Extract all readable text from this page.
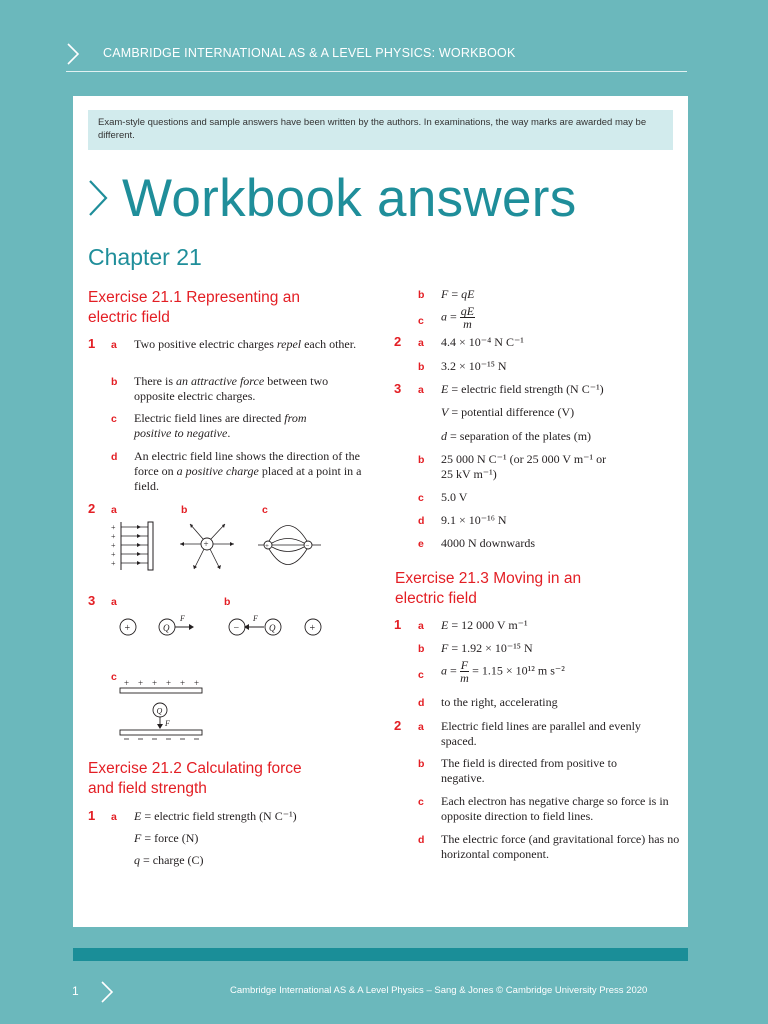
CAMBRIDGE INTERNATIONAL AS & A LEVEL PHYSICS: WORKBOOK
Exam-style questions and sample answers have been written by the authors. In examinations, the way marks are awarded may be different.
Workbook answers
Chapter 21
Exercise 21.1 Representing an
electric field
1 a Two positive electric charges repel each other.
b There is an attractive force between two opposite electric charges.
c Electric field lines are directed from positive to negative.
d An electric field line shows the direction of the force on a positive charge placed at a point in a field.
2 a	b	c
+
+
+
+
+
+	+	−
3 a	b
+	Q
F
−
F
Q	+
c + + + + + +
Q
F
Exercise 21.2 Calculating force
and field strength
1 a E = electric field strength (N C⁻¹)
F = force (N)
q = charge (C)
b F = qE
c $a = \frac{qE}{m}$
2 a 4.4 × 10⁻⁴ N C⁻¹
b 3.2 × 10⁻¹⁵ N
3 a E = electric field strength (N C⁻¹)
V = potential difference (V)
d = separation of the plates (m)
b 25 000 N C⁻¹ (or 25 000 V m⁻¹ or
25 kV m⁻¹)
c 5.0 V
d 9.1 × 10⁻¹⁶ N
e 4000 N downwards
Exercise 21.3 Moving in an
electric field
1 a E = 12 000 V m⁻¹
b F = 1.92 × 10⁻¹⁵ N
c $a = \frac{F}{m} = 1.15 \times 10^{12}$ m s⁻²
d to the right, accelerating
2 a Electric field lines are parallel and evenly spaced.
b The field is directed from positive to negative.
c Each electron has negative charge so force is in opposite direction to field lines.
d The electric force (and gravitational force) has no horizontal component.
1	Cambridge International AS & A Level Physics – Sang & Jones © Cambridge University Press 2020
